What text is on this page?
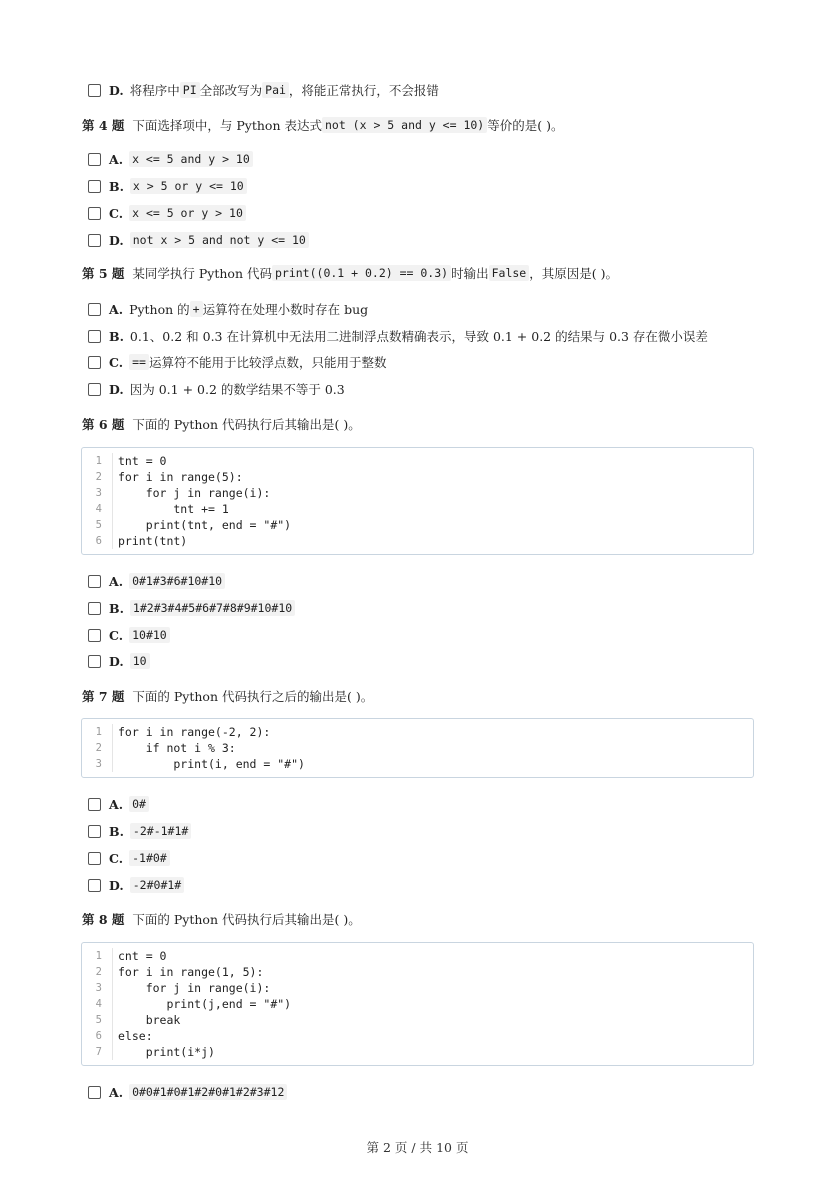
D. 将程序中 PI 全部改写为 Pai ，将能正常执行，不会报错
第 4 题 下面选择项中，与 Python 表达式 not (x > 5 and y <= 10) 等价的是( )。
A. x <= 5 and y > 10
B. x > 5 or y <= 10
C. x <= 5 or y > 10
D. not x > 5 and not y <= 10
第 5 题 某同学执行 Python 代码 print((0.1 + 0.2) == 0.3) 时输出 False ，其原因是( )。
A. Python 的 + 运算符在处理小数时存在 bug
B. 0.1、0.2 和 0.3 在计算机中无法用二进制浮点数精确表示，导致 0.1 + 0.2 的结果与 0.3 存在微小误差
C. == 运算符不能用于比较浮点数，只能用于整数
D. 因为 0.1 + 0.2 的数学结果不等于 0.3
第 6 题 下面的 Python 代码执行后其输出是( )。
1	tnt = 0
2	for i in range(5):
3	for j in range(i):
4	tnt += 1
5	print(tnt, end = "#")
6	print(tnt)
A. 0#1#3#6#10#10
B. 1#2#3#4#5#6#7#8#9#10#10
C. 10#10
D. 10
第 7 题 下面的 Python 代码执行之后的输出是( )。
1	for i in range(-2, 2):
2	if not i % 3:
3	print(i, end = "#")
A. 0#
B. -2#-1#1#
C. -1#0#
D. -2#0#1#
第 8 题 下面的 Python 代码执行后其输出是( )。
1	cnt = 0
2	for i in range(1, 5):
3	for j in range(i):
4	print(j,end = "#")
5	break
6	else:
7	print(i*j)
A. 0#0#1#0#1#2#0#1#2#3#12
第 2 页 / 共 10 页
